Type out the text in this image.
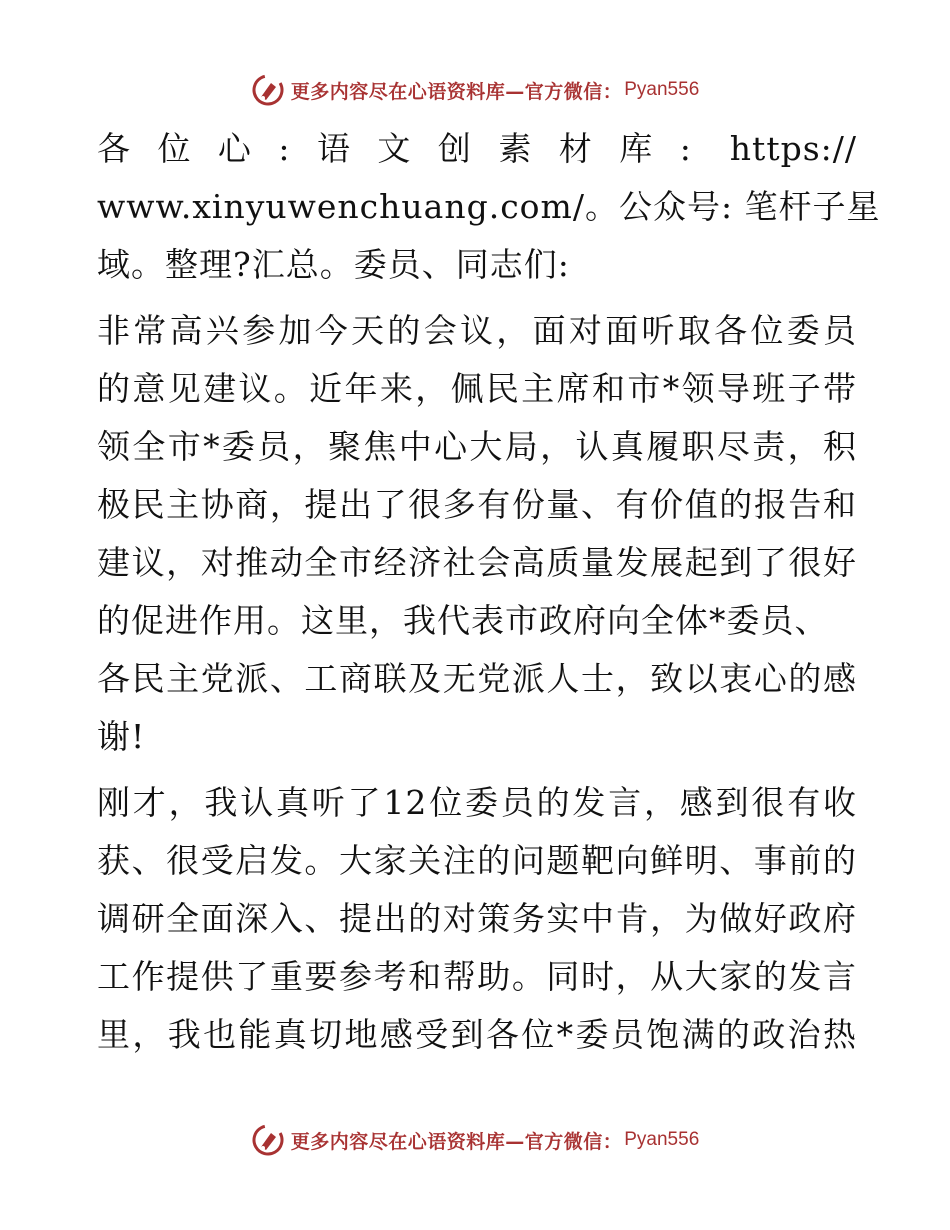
更多内容尽在心语资料库—官方微信： Pyan556

各位心:语文创素材库: https://
www.xinyuwenchuang.com/。公众号: 笔杆子星
域。整理?汇总。委员、同志们:

非常高兴参加今天的会议，面对面听取各位委员
的意见建议。近年来，佩民主席和市*领导班子带
领全市*委员，聚焦中心大局，认真履职尽责，积
极民主协商，提出了很多有份量、有价值的报告和
建议，对推动全市经济社会高质量发展起到了很好
的促进作用。这里，我代表市政府向全体*委员、
各民主党派、工商联及无党派人士，致以衷心的感
谢!

刚才，我认真听了12位委员的发言，感到很有收
获、很受启发。大家关注的问题靶向鲜明、事前的
调研全面深入、提出的对策务实中肯，为做好政府
工作提供了重要参考和帮助。同时，从大家的发言
里，我也能真切地感受到各位*委员饱满的政治热

更多内容尽在心语资料库—官方微信： Pyan556
